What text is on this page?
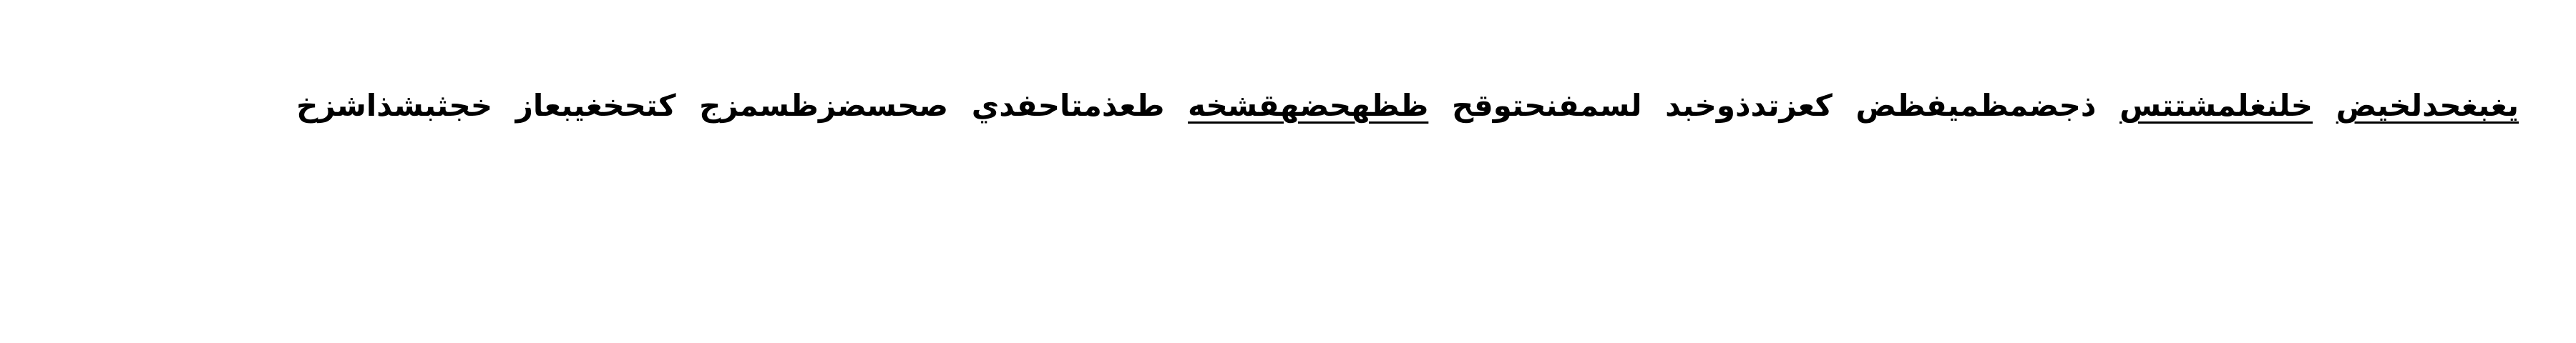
يغبغحدلخيض خلنغلمشتتس ذجضمظميفظض كعزتدذوخبد لسمفنحتوقح ظظهحضهقشخه طعذمتاحفدي صحسضزظسمزج كتحخغيبعاز خجثبشذاشزخ
